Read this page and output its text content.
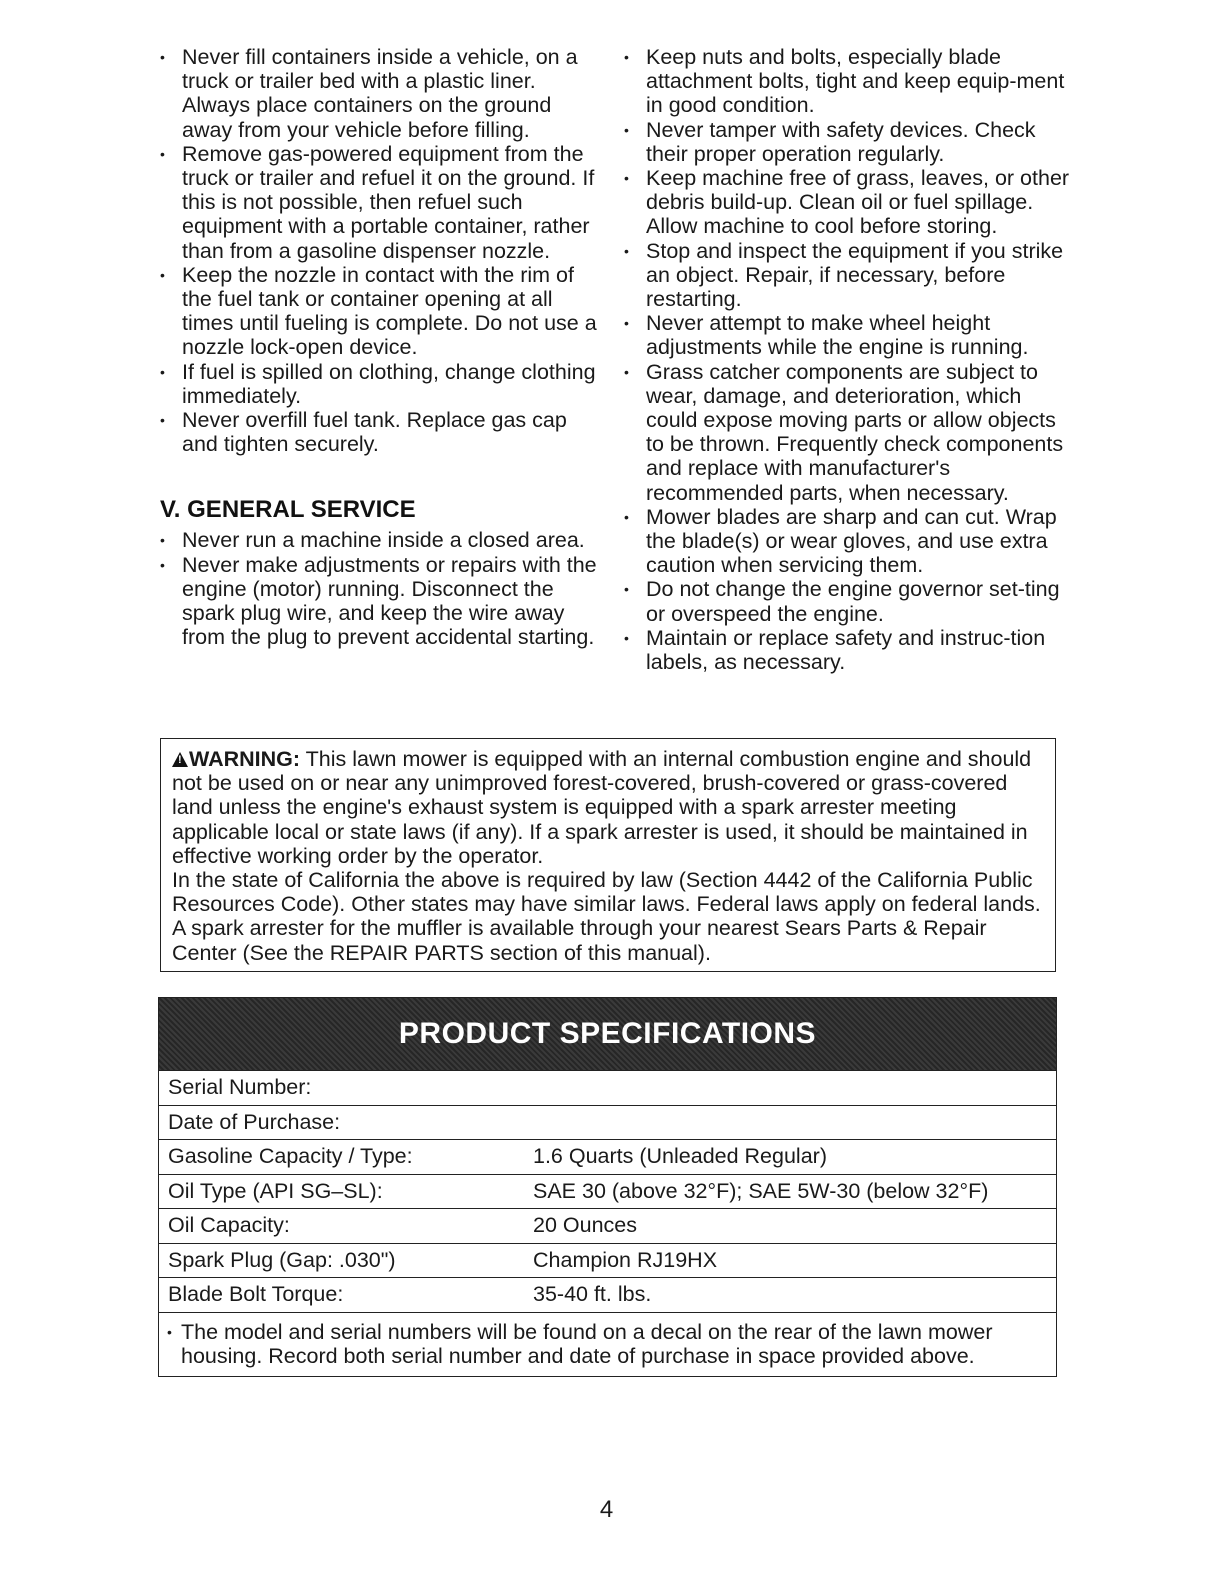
• Never fill containers inside a vehicle, on a truck or trailer bed with a plastic liner. Always place containers on the ground away from your vehicle before filling.
• Remove gas-powered equipment from the truck or trailer and refuel it on the ground. If this is not possible, then refuel such equipment with a portable container, rather than from a gasoline dispenser nozzle.
• Keep the nozzle in contact with the rim of the fuel tank or container opening at all times until fueling is complete. Do not use a nozzle lock-open device.
• If fuel is spilled on clothing, change clothing immediately.
• Never overfill fuel tank. Replace gas cap and tighten securely.
V. GENERAL SERVICE
• Never run a machine inside a closed area.
• Never make adjustments or repairs with the engine (motor) running. Disconnect the spark plug wire, and keep the wire away from the plug to prevent accidental starting.
• Keep nuts and bolts, especially blade attachment bolts, tight and keep equip-ment in good condition.
• Never tamper with safety devices. Check their proper operation regularly.
• Keep machine free of grass, leaves, or other debris build-up. Clean oil or fuel spillage. Allow machine to cool before storing.
• Stop and inspect the equipment if you strike an object. Repair, if necessary, before restarting.
• Never attempt to make wheel height adjustments while the engine is running.
• Grass catcher components are subject to wear, damage, and deterioration, which could expose moving parts or allow objects to be thrown. Frequently check components and replace with manufacturer's recommended parts, when necessary.
• Mower blades are sharp and can cut. Wrap the blade(s) or wear gloves, and use extra caution when servicing them.
• Do not change the engine governor set-ting or overspeed the engine.
• Maintain or replace safety and instruc-tion labels, as necessary.
!WARNING: This lawn mower is equipped with an internal combustion engine and should not be used on or near any unimproved forest-covered, brush-covered or grass-covered land unless the engine's exhaust system is equipped with a spark arrester meeting applicable local or state laws (if any). If a spark arrester is used, it should be maintained in effective working order by the operator.
In the state of California the above is required by law (Section 4442 of the California Public Resources Code). Other states may have similar laws. Federal laws apply on federal lands. A spark arrester for the muffler is available through your nearest Sears Parts & Repair Center (See the REPAIR PARTS section of this manual).
PRODUCT SPECIFICATIONS
Serial Number:
Date of Purchase:
Gasoline Capacity / Type:	1.6 Quarts (Unleaded Regular)
Oil Type (API SG–SL):	SAE 30 (above 32°F); SAE 5W-30 (below 32°F)
Oil Capacity:	20 Ounces
Spark Plug (Gap: .030")	Champion RJ19HX
Blade Bolt Torque:	35-40 ft. lbs.
• The model and serial numbers will be found on a decal on the rear of the lawn mower housing. Record both serial number and date of purchase in space provided above.
4
